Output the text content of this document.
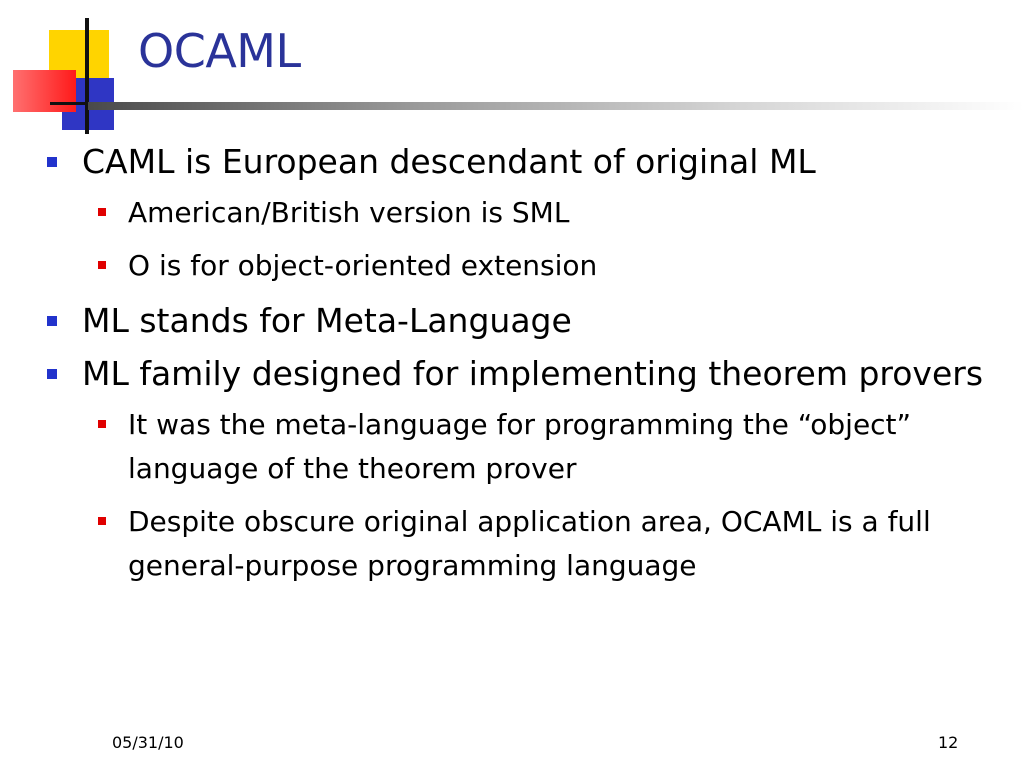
OCAML
CAML is European descendant of original ML
American/British version is SML
O is for object-oriented extension
ML stands for Meta-Language
ML family designed for implementing theorem provers
It was the meta-language for programming the “object” language of the theorem prover
Despite obscure original application area, OCAML is a full general-purpose programming language
05/31/10	12
